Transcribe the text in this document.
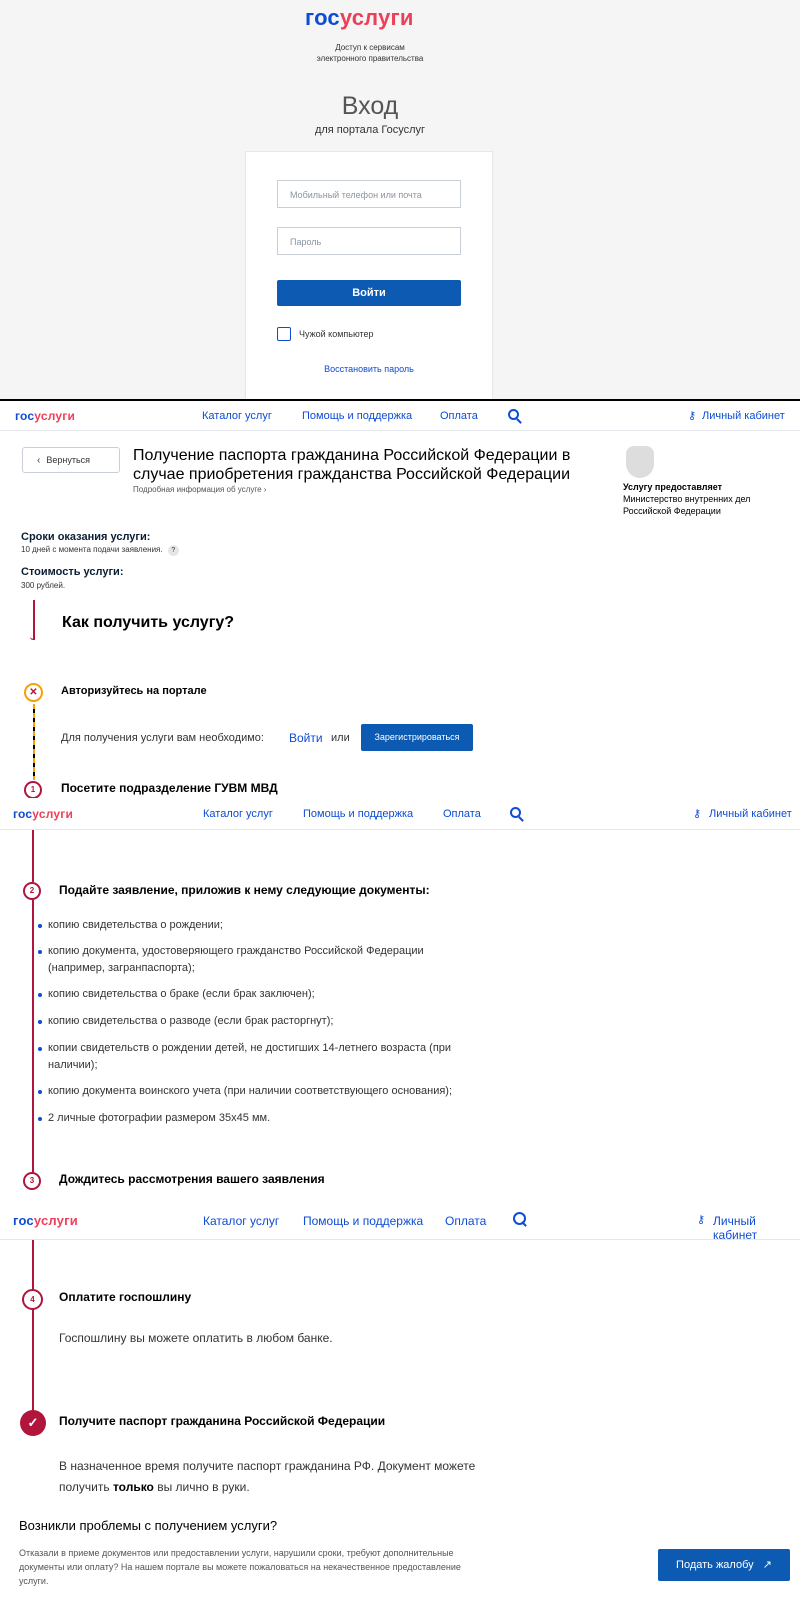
госуслуги
Доступ к сервисам
электронного правительства
Вход
для портала Госуслуг
Мобильный телефон или почта
Пароль
Войти
Чужой компьютер
Восстановить пароль
госуслуги	Каталог услуг	Помощь и поддержка	Оплата	⚷ Личный кабинет
‹ Вернуться	Получение паспорта гражданина Российской Федерации в
случае приобретения гражданства Российской Федерации
Подробная информация об услуге ›	Услугу предоставляет
Министерство внутренних дел
Российской Федерации
Сроки оказания услуги:
10 дней с момента подачи заявления. ?
Стоимость услуги:
300 рублей.
⌄
Как получить услугу?
✕	Авторизуйтесь на портале
Для получения услуги вам необходимо: Войти или	Зарегистрироваться
1	Посетите подразделение ГУВМ МВД
госуслуги	Каталог услуг	Помощь и поддержка	Оплата	⚷ Личный кабинет
2	Подайте заявление, приложив к нему следующие документы:
копию свидетельства о рождении;
копию документа, удостоверяющего гражданство Российской Федерации
(например, загранпаспорта);
копию свидетельства о браке (если брак заключен);
копию свидетельства о разводе (если брак расторгнут);
копии свидетельств о рождении детей, не достигших 14-летнего возраста (при
наличии);
копию документа воинского учета (при наличии соответствующего основания);
2 личные фотографии размером 35x45 мм.
3	Дождитесь рассмотрения вашего заявления
госуслуги	Каталог услуг Помощь и поддержка Оплата	⚷ Личный кабинет
4	Оплатите госпошлину
Госпошлину вы можете оплатить в любом банке.
✓	Получите паспорт гражданина Российской Федерации
В назначенное время получите паспорт гражданина РФ. Документ можете
получить только вы лично в руки.
Возникли проблемы с получением услуги?
Отказали в приеме документов или предоставлении услуги, нарушили сроки, требуют дополнительные
документы или оплату? На нашем портале вы можете пожаловаться на некачественное предоставление
услуги.
Подать жалобу ↗
